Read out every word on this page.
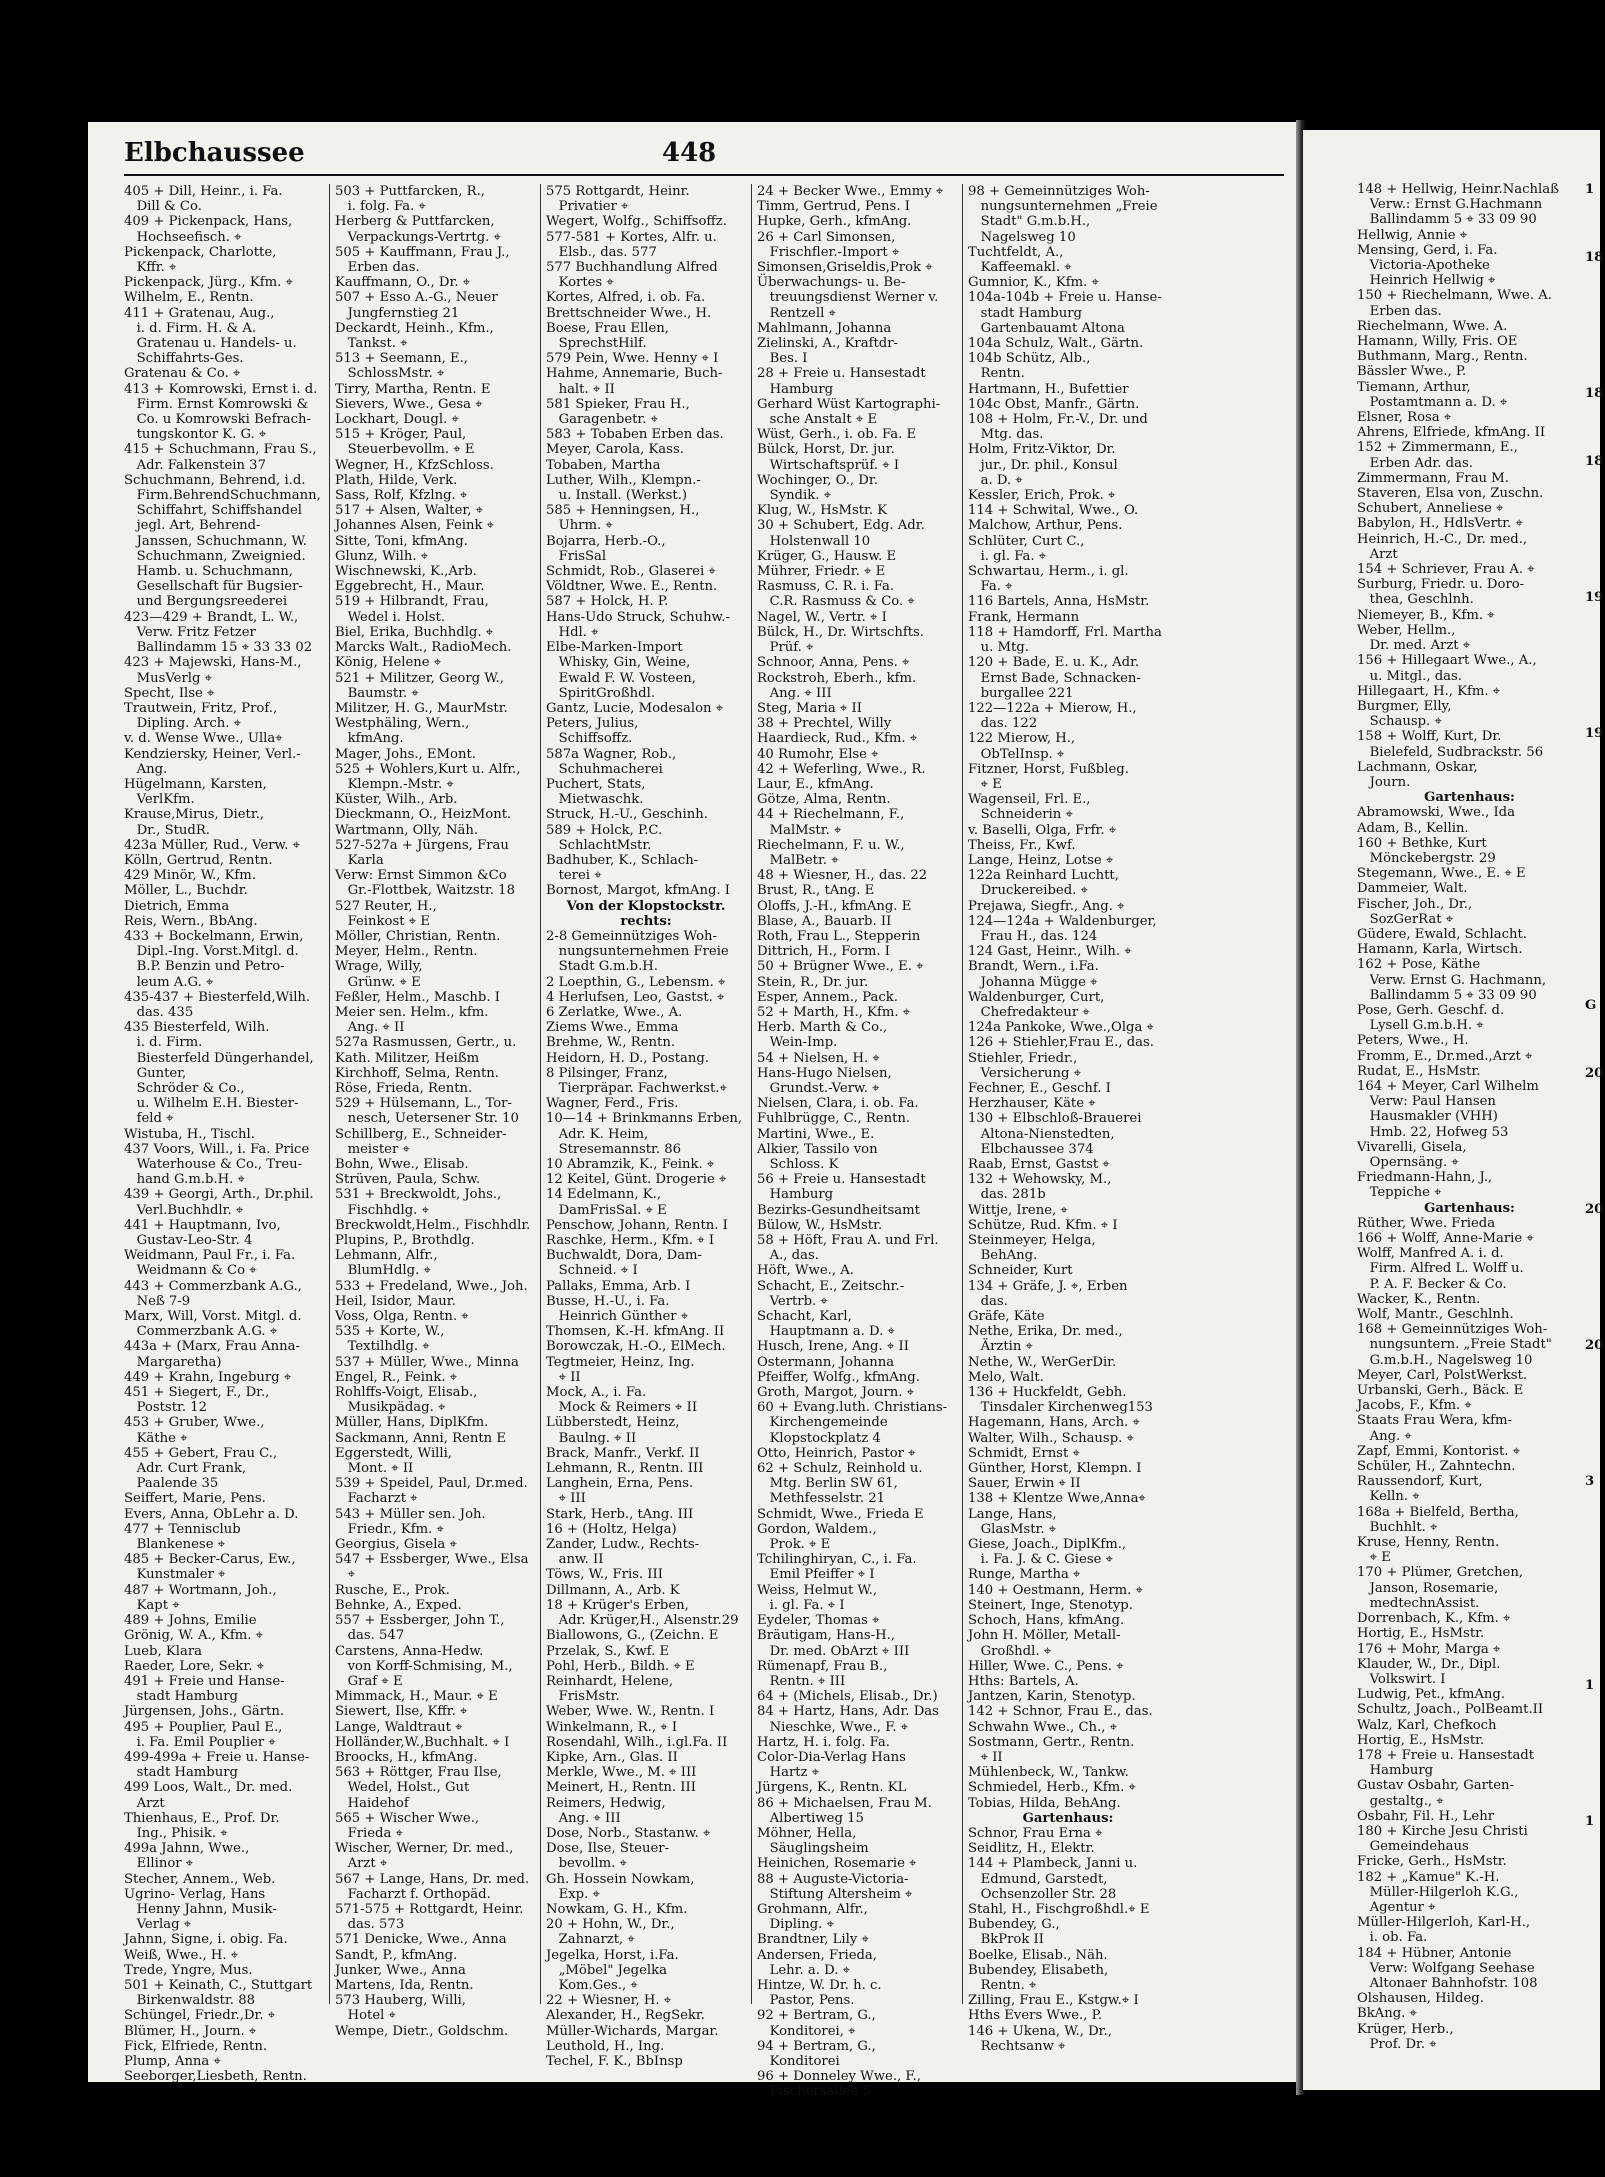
Elbchaussee	448
405 + Dill, Heinr., i. Fa.
Dill & Co.
409 + Pickenpack, Hans,
Hochseefisch. ⌖
Pickenpack, Charlotte,
Kffr. ⌖
Pickenpack, Jürg., Kfm. ⌖
Wilhelm, E., Rentn.
411 + Gratenau, Aug.,
i. d. Firm. H. & A.
Gratenau u. Handels- u.
Schiffahrts-Ges.
Gratenau & Co. ⌖
413 + Komrowski, Ernst i. d.
Firm. Ernst Komrowski &
Co. u Komrowski Befrach-
tungskontor K. G. ⌖
415 + Schuchmann, Frau S.,
Adr. Falkenstein 37
Schuchmann, Behrend, i.d.
Firm.BehrendSchuchmann,
Schiffahrt, Schiffshandel
jegl. Art, Behrend-
Janssen, Schuchmann, W.
Schuchmann, Zweignied.
Hamb. u. Schuchmann,
Gesellschaft für Bugsier-
und Bergungsreederei
423—429 + Brandt, L. W.,
Verw. Fritz Fetzer
Ballindamm 15 ⌖ 33 33 02
423 + Majewski, Hans-M.,
MusVerlg ⌖
Specht, Ilse ⌖
Trautwein, Fritz, Prof.,
Dipling. Arch. ⌖
v. d. Wense Wwe., Ulla⌖
Kendziersky, Heiner, Verl.-
Ang.
Hügelmann, Karsten,
VerlKfm.
Krause,Mirus, Dietr.,
Dr., StudR.
423a Müller, Rud., Verw. ⌖
Kölln, Gertrud, Rentn.
429 Minör, W., Kfm.
Möller, L., Buchdr.
Dietrich, Emma
Reis, Wern., BbAng.
433 + Bockelmann, Erwin,
Dipl.-Ing. Vorst.Mitgl. d.
B.P. Benzin und Petro-
leum A.G. ⌖
435-437 + Biesterfeld,Wilh.
das. 435
435 Biesterfeld, Wilh.
i. d. Firm.
Biesterfeld Düngerhandel,
Gunter,
Schröder & Co.,
u. Wilhelm E.H. Biester-
feld ⌖
Wistuba, H., Tischl.
437 Voors, Will., i. Fa. Price
Waterhouse & Co., Treu-
hand G.m.b.H. ⌖
439 + Georgi, Arth., Dr.phil.
Verl.Buchhdlr. ⌖
441 + Hauptmann, Ivo,
Gustav-Leo-Str. 4
Weidmann, Paul Fr., i. Fa.
Weidmann & Co ⌖
443 + Commerzbank A.G.,
Neß 7-9
Marx, Will, Vorst. Mitgl. d.
Commerzbank A.G. ⌖
443a + (Marx, Frau Anna-
Margaretha)
449 + Krahn, Ingeburg ⌖
451 + Siegert, F., Dr.,
Poststr. 12
453 + Gruber, Wwe.,
Käthe ⌖
455 + Gebert, Frau C.,
Adr. Curt Frank,
Paalende 35
Seiffert, Marie, Pens.
Evers, Anna, ObLehr a. D.
477 + Tennisclub
Blankenese ⌖
485 + Becker-Carus, Ew.,
Kunstmaler ⌖
487 + Wortmann, Joh.,
Kapt ⌖
489 + Johns, Emilie
Grönig, W. A., Kfm. ⌖
Lueb, Klara
Raeder, Lore, Sekr. ⌖
491 + Freie und Hanse-
stadt Hamburg
Jürgensen, Johs., Gärtn.
495 + Pouplier, Paul E.,
i. Fa. Emil Pouplier ⌖
499-499a + Freie u. Hanse-
stadt Hamburg
499 Loos, Walt., Dr. med.
Arzt
Thienhaus, E., Prof. Dr.
Ing., Phisik. ⌖
499a Jahnn, Wwe.,
Ellinor ⌖
Stecher, Annem., Web.
Ugrino- Verlag, Hans
Henny Jahnn, Musik-
Verlag ⌖
Jahnn, Signe, i. obig. Fa.
Weiß, Wwe., H. ⌖
Trede, Yngre, Mus.
501 + Keinath, C., Stuttgart
Birkenwaldstr. 88
Schüngel, Friedr.,Dr. ⌖
Blümer, H., Journ. ⌖
Fick, Elfriede, Rentn.
Plump, Anna ⌖
Seeborger,Liesbeth, Rentn.
503 + Puttfarcken, R.,
i. folg. Fa. ⌖
Herberg & Puttfarcken,
Verpackungs-Vertrtg. ⌖
505 + Kauffmann, Frau J.,
Erben das.
Kauffmann, O., Dr. ⌖
507 + Esso A.-G., Neuer
Jungfernstieg 21
Deckardt, Heinh., Kfm.,
Tankst. ⌖
513 + Seemann, E.,
SchlossMstr. ⌖
Tirry, Martha, Rentn. E
Sievers, Wwe., Gesa ⌖
Lockhart, Dougl. ⌖
515 + Kröger, Paul,
Steuerbevollm. ⌖ E
Wegner, H., KfzSchloss.
Plath, Hilde, Verk.
Sass, Rolf, Kfzlng. ⌖
517 + Alsen, Walter, ⌖
Johannes Alsen, Feink ⌖
Sitte, Toni, kfmAng.
Glunz, Wilh. ⌖
Wischnewski, K.,Arb.
Eggebrecht, H., Maur.
519 + Hilbrandt, Frau,
Wedel i. Holst.
Biel, Erika, Buchhdlg. ⌖
Marcks Walt., RadioMech.
König, Helene ⌖
521 + Militzer, Georg W.,
Baumstr. ⌖
Militzer, H. G., MaurMstr.
Westphäling, Wern.,
kfmAng.
Mager, Johs., EMont.
525 + Wohlers,Kurt u. Alfr.,
Klempn.-Mstr. ⌖
Küster, Wilh., Arb.
Dieckmann, O., HeizMont.
Wartmann, Olly, Näh.
527-527a + Jürgens, Frau
Karla
Verw: Ernst Simmon &Co
Gr.-Flottbek, Waitzstr. 18
527 Reuter, H.,
Feinkost ⌖ E
Möller, Christian, Rentn.
Meyer, Helm., Rentn.
Wrage, Willy,
Grünw. ⌖ E
Feßler, Helm., Maschb. I
Meier sen. Helm., kfm.
Ang. ⌖ II
527a Rasmussen, Gertr., u.
Kath. Militzer, Heißm
Kirchhoff, Selma, Rentn.
Röse, Frieda, Rentn.
529 + Hülsemann, L., Tor-
nesch, Uetersener Str. 10
Schillberg, E., Schneider-
meister ⌖
Bohn, Wwe., Elisab.
Strüven, Paula, Schw.
531 + Breckwoldt, Johs.,
Fischhdlg. ⌖
Breckwoldt,Helm., Fischhdlr.
Plupins, P., Brothdlg.
Lehmann, Alfr.,
BlumHdlg. ⌖
533 + Fredeland, Wwe., Joh.
Heil, Isidor, Maur.
Voss, Olga, Rentn. ⌖
535 + Korte, W.,
Textilhdlg. ⌖
537 + Müller, Wwe., Minna
Engel, R., Feink. ⌖
Rohlffs-Voigt, Elisab.,
Musikpädag. ⌖
Müller, Hans, DiplKfm.
Sackmann, Anni, Rentn E
Eggerstedt, Willi,
Mont. ⌖ II
539 + Speidel, Paul, Dr.med.
Facharzt ⌖
543 + Müller sen. Joh.
Friedr., Kfm. ⌖
Georgius, Gisela ⌖
547 + Essberger, Wwe., Elsa
⌖
Rusche, E., Prok.
Behnke, A., Exped.
557 + Essberger, John T.,
das. 547
Carstens, Anna-Hedw.
von Korff-Schmising, M.,
Graf ⌖ E
Mimmack, H., Maur. ⌖ E
Siewert, Ilse, Kffr. ⌖
Lange, Waldtraut ⌖
Holländer,W.,Buchhalt. ⌖ I
Broocks, H., kfmAng.
563 + Röttger, Frau Ilse,
Wedel, Holst., Gut
Haidehof
565 + Wischer Wwe.,
Frieda ⌖
Wischer, Werner, Dr. med.,
Arzt ⌖
567 + Lange, Hans, Dr. med.
Facharzt f. Orthopäd.
571-575 + Rottgardt, Heinr.
das. 573
571 Denicke, Wwe., Anna
Sandt, P., kfmAng.
Junker, Wwe., Anna
Martens, Ida, Rentn.
573 Hauberg, Willi,
Hotel ⌖
Wempe, Dietr., Goldschm.
575 Rottgardt, Heinr.
Privatier ⌖
Wegert, Wolfg., Schiffsoffz.
577-581 + Kortes, Alfr. u.
Elsb., das. 577
577 Buchhandlung Alfred
Kortes ⌖
Kortes, Alfred, i. ob. Fa.
Brettschneider Wwe., H.
Boese, Frau Ellen,
SprechstHilf.
579 Pein, Wwe. Henny ⌖ I
Hahme, Annemarie, Buch-
halt. ⌖ II
581 Spieker, Frau H.,
Garagenbetr. ⌖
583 + Tobaben Erben das.
Meyer, Carola, Kass.
Tobaben, Martha
Luther, Wilh., Klempn.-
u. Install. (Werkst.)
585 + Henningsen, H.,
Uhrm. ⌖
Bojarra, Herb.-O.,
FrisSal
Schmidt, Rob., Glaserei ⌖
Völdtner, Wwe. E., Rentn.
587 + Holck, H. P.
Hans-Udo Struck, Schuhw.-
Hdl. ⌖
Elbe-Marken-Import
Whisky, Gin, Weine,
Ewald F. W. Vosteen,
SpiritGroßhdl.
Gantz, Lucie, Modesalon ⌖
Peters, Julius,
Schiffsoffz.
587a Wagner, Rob.,
Schuhmacherei
Puchert, Stats,
Mietwaschk.
Struck, H.-U., Geschinh.
589 + Holck, P.C.
SchlachtMstr.
Badhuber, K., Schlach-
terei ⌖
Bornost, Margot, kfmAng. I
Von der Klopstockstr. rechts:
2-8 Gemeinnütziges Woh-
nungsunternehmen Freie
Stadt G.m.b.H.
2 Loepthin, G., Lebensm. ⌖
4 Herlufsen, Leo, Gastst. ⌖
6 Zerlatke, Wwe., A.
Ziems Wwe., Emma
Brehme, W., Rentn.
Heidorn, H. D., Postang.
8 Pilsinger, Franz,
Tierpräpar. Fachwerkst.⌖
Wagner, Ferd., Fris.
10—14 + Brinkmanns Erben,
Adr. K. Heim,
Stresemannstr. 86
10 Abramzik, K., Feink. ⌖
12 Keitel, Günt. Drogerie ⌖
14 Edelmann, K.,
DamFrisSal. ⌖ E
Penschow, Johann, Rentn. I
Raschke, Herm., Kfm. ⌖ I
Buchwaldt, Dora, Dam-
Schneid. ⌖ I
Pallaks, Emma, Arb. I
Busse, H.-U., i. Fa.
Heinrich Günther ⌖
Thomsen, K.-H. kfmAng. II
Borowczak, H.-O., ElMech.
Tegtmeier, Heinz, Ing.
⌖ II
Mock, A., i. Fa.
Mock & Reimers ⌖ II
Lübberstedt, Heinz,
Baulng. ⌖ II
Brack, Manfr., Verkf. II
Lehmann, R., Rentn. III
Langhein, Erna, Pens.
⌖ III
Stark, Herb., tAng. III
16 + (Holtz, Helga)
Zander, Ludw., Rechts-
anw. II
Töws, W., Fris. III
Dillmann, A., Arb. K
18 + Krüger's Erben,
Adr. Krüger,H., Alsenstr.29
Biallowons, G., (Zeichn. E
Przelak, S., Kwf. E
Pohl, Herb., Bildh. ⌖ E
Reinhardt, Helene,
FrisMstr.
Weber, Wwe. W., Rentn. I
Winkelmann, R., ⌖ I
Rosendahl, Wilh., i.gl.Fa. II
Kipke, Arn., Glas. II
Merkle, Wwe., M. ⌖ III
Meinert, H., Rentn. III
Reimers, Hedwig,
Ang. ⌖ III
Dose, Norb., Stastanw. ⌖
Dose, Ilse, Steuer-
bevollm. ⌖
Gh. Hossein Nowkam,
Exp. ⌖
Nowkam, G. H., Kfm.
20 + Hohn, W., Dr.,
Zahnarzt, ⌖
Jegelka, Horst, i.Fa.
„Möbel" Jegelka
Kom.Ges., ⌖
22 + Wiesner, H. ⌖
Alexander, H., RegSekr.
Müller-Wichards, Margar.
Leuthold, H., Ing.
Techel, F. K., BbInsp
24 + Becker Wwe., Emmy ⌖
Timm, Gertrud, Pens. I
Hupke, Gerh., kfmAng.
26 + Carl Simonsen,
Frischfler.-Import ⌖
Simonsen,Griseldis,Prok ⌖
Überwachungs- u. Be-
treuungsdienst Werner v.
Rentzell ⌖
Mahlmann, Johanna
Zielinski, A., Kraftdr-
Bes. I
28 + Freie u. Hansestadt
Hamburg
Gerhard Wüst Kartographi-
sche Anstalt ⌖ E
Wüst, Gerh., i. ob. Fa. E
Bülck, Horst, Dr. jur.
Wirtschaftsprüf. ⌖ I
Wochinger, O., Dr.
Syndik. ⌖
Klug, W., HsMstr. K
30 + Schubert, Edg. Adr.
Holstenwall 10
Krüger, G., Hausw. E
Mührer, Friedr. ⌖ E
Rasmuss, C. R. i. Fa.
C.R. Rasmuss & Co. ⌖
Nagel, W., Vertr. ⌖ I
Bülck, H., Dr. Wirtschfts.
Prüf. ⌖
Schnoor, Anna, Pens. ⌖
Rockstroh, Eberh., kfm.
Ang. ⌖ III
Steg, Maria ⌖ II
38 + Prechtel, Willy
Haardieck, Rud., Kfm. ⌖
40 Rumohr, Else ⌖
42 + Weferling, Wwe., R.
Laur, E., kfmAng.
Götze, Alma, Rentn.
44 + Riechelmann, F.,
MalMstr. ⌖
Riechelmann, F. u. W.,
MalBetr. ⌖
48 + Wiesner, H., das. 22
Brust, R., tAng. E
Oloffs, J.-H., kfmAng. E
Blase, A., Bauarb. II
Roth, Frau L., Stepperin
Dittrich, H., Form. I
50 + Brügner Wwe., E. ⌖
Stein, R., Dr. jur.
Esper, Annem., Pack.
52 + Marth, H., Kfm. ⌖
Herb. Marth & Co.,
Wein-Imp.
54 + Nielsen, H. ⌖
Hans-Hugo Nielsen,
Grundst.-Verw. ⌖
Nielsen, Clara, i. ob. Fa.
Fuhlbrügge, C., Rentn.
Martini, Wwe., E.
Alkier, Tassilo von
Schloss. K
56 + Freie u. Hansestadt
Hamburg
Bezirks-Gesundheitsamt
Bülow, W., HsMstr.
58 + Höft, Frau A. und Frl.
A., das.
Höft, Wwe., A.
Schacht, E., Zeitschr.-
Vertrb. ⌖
Schacht, Karl,
Hauptmann a. D. ⌖
Husch, Irene, Ang. ⌖ II
Ostermann, Johanna
Pfeiffer, Wolfg., kfmAng.
Groth, Margot, Journ. ⌖
60 + Evang.luth. Christians-
Kirchengemeinde
Klopstockplatz 4
Otto, Heinrich, Pastor ⌖
62 + Schulz, Reinhold u.
Mtg. Berlin SW 61,
Methfesselstr. 21
Schmidt, Wwe., Frieda E
Gordon, Waldem.,
Prok. ⌖ E
Tchilinghiryan, C., i. Fa.
Emil Pfeiffer ⌖ I
Weiss, Helmut W.,
i. gl. Fa. ⌖ I
Eydeler, Thomas ⌖
Bräutigam, Hans-H.,
Dr. med. ObArzt ⌖ III
Rümenapf, Frau B.,
Rentn. ⌖ III
64 + (Michels, Elisab., Dr.)
84 + Hartz, Hans, Adr. Das
Nieschke, Wwe., F. ⌖
Hartz, H. i. folg. Fa.
Color-Dia-Verlag Hans
Hartz ⌖
Jürgens, K., Rentn. KL
86 + Michaelsen, Frau M.
Albertiweg 15
Möhner, Hella,
Säuglingsheim
Heinichen, Rosemarie ⌖
88 + Auguste-Victoria-
Stiftung Altersheim ⌖
Grohmann, Alfr.,
Dipling. ⌖
Brandtner, Lily ⌖
Andersen, Frieda,
Lehr. a. D. ⌖
Hintze, W. Dr. h. c.
Pastor, Pens.
92 + Bertram, G.,
Konditorei, ⌖
94 + Bertram, G.,
Konditorei
96 + Donneley Wwe., F.,
Fischersallee 5
98 + Gemeinnütziges Woh-
nungsunternehmen „Freie
Stadt" G.m.b.H.,
Nagelsweg 10
Tuchtfeldt, A.,
Kaffeemakl. ⌖
Gumnior, K., Kfm. ⌖
104a-104b + Freie u. Hanse-
stadt Hamburg
Gartenbauamt Altona
104a Schulz, Walt., Gärtn.
104b Schütz, Alb.,
Rentn.
Hartmann, H., Bufettier
104c Obst, Manfr., Gärtn.
108 + Holm, Fr.-V., Dr. und
Mtg. das.
Holm, Fritz-Viktor, Dr.
jur., Dr. phil., Konsul
a. D. ⌖
Kessler, Erich, Prok. ⌖
114 + Schwital, Wwe., O.
Malchow, Arthur, Pens.
Schlüter, Curt C.,
i. gl. Fa. ⌖
Schwartau, Herm., i. gl.
Fa. ⌖
116 Bartels, Anna, HsMstr.
Frank, Hermann
118 + Hamdorff, Frl. Martha
u. Mtg.
120 + Bade, E. u. K., Adr.
Ernst Bade, Schnacken-
burgallee 221
122—122a + Mierow, H.,
das. 122
122 Mierow, H.,
ObTelInsp. ⌖
Fitzner, Horst, Fußbleg.
⌖ E
Wagenseil, Frl. E.,
Schneiderin ⌖
v. Baselli, Olga, Frfr. ⌖
Theiss, Fr., Kwf.
Lange, Heinz, Lotse ⌖
122a Reinhard Luchtt,
Druckereibed. ⌖
Prejawa, Siegfr., Ang. ⌖
124—124a + Waldenburger,
Frau H., das. 124
124 Gast, Heinr., Wilh. ⌖
Brandt, Wern., i.Fa.
Johanna Mügge ⌖
Waldenburger, Curt,
Chefredakteur ⌖
124a Pankoke, Wwe.,Olga ⌖
126 + Stiehler,Frau E., das.
Stiehler, Friedr.,
Versicherung ⌖
Fechner, E., Geschf. I
Herzhauser, Käte ⌖
130 + Elbschloß-Brauerei
Altona-Nienstedten,
Elbchaussee 374
Raab, Ernst, Gastst ⌖
132 + Wehowsky, M.,
das. 281b
Wittje, Irene, ⌖
Schütze, Rud. Kfm. ⌖ I
Steinmeyer, Helga,
BehAng.
Schneider, Kurt
134 + Gräfe, J. ⌖, Erben
das.
Gräfe, Käte
Nethe, Erika, Dr. med.,
Ärztin ⌖
Nethe, W., WerGerDir.
Melo, Walt.
136 + Huckfeldt, Gebh.
Tinsdaler Kirchenweg153
Hagemann, Hans, Arch. ⌖
Walter, Wilh., Schausp. ⌖
Schmidt, Ernst ⌖
Günther, Horst, Klempn. I
Sauer, Erwin ⌖ II
138 + Klentze Wwe,Anna⌖
Lange, Hans,
GlasMstr. ⌖
Giese, Joach., DiplKfm.,
i. Fa. J. & C. Giese ⌖
Runge, Martha ⌖
140 + Oestmann, Herm. ⌖
Steinert, Inge, Stenotyp.
Schoch, Hans, kfmAng.
John H. Möller, Metall-
Großhdl. ⌖
Hiller, Wwe. C., Pens. ⌖
Hths: Bartels, A.
Jantzen, Karin, Stenotyp.
142 + Schnor, Frau E., das.
Schwahn Wwe., Ch., ⌖
Sostmann, Gertr., Rentn.
⌖ II
Mühlenbeck, W., Tankw.
Schmiedel, Herb., Kfm. ⌖
Tobias, Hilda, BehAng.
Gartenhaus:
Schnor, Frau Erna ⌖
Seidlitz, H., Elektr.
144 + Plambeck, Janni u.
Edmund, Garstedt,
Ochsenzoller Str. 28
Stahl, H., Fischgroßhdl.⌖ E
Bubendey, G.,
BkProk II
Boelke, Elisab., Näh.
Bubendey, Elisabeth,
Rentn. ⌖
Zilling, Frau E., Kstgw.⌖ I
Hths Evers Wwe., P.
146 + Ukena, W., Dr.,
Rechtsanw ⌖
148 + Hellwig, Heinr.Nachlaß
Verw.: Ernst G.Hachmann
Ballindamm 5 ⌖ 33 09 90
Hellwig, Annie ⌖
Mensing, Gerd, i. Fa.
Victoria-Apotheke
Heinrich Hellwig ⌖
150 + Riechelmann, Wwe. A.
Erben das.
Riechelmann, Wwe. A.
Hamann, Willy, Fris. OE
Buthmann, Marg., Rentn.
Bässler Wwe., P.
Tiemann, Arthur,
Postamtmann a. D. ⌖
Elsner, Rosa ⌖
Ahrens, Elfriede, kfmAng. II
152 + Zimmermann, E.,
Erben Adr. das.
Zimmermann, Frau M.
Staveren, Elsa von, Zuschn.
Schubert, Anneliese ⌖
Babylon, H., HdlsVertr. ⌖
Heinrich, H.-C., Dr. med.,
Arzt
154 + Schriever, Frau A. ⌖
Surburg, Friedr. u. Doro-
thea, Geschlnh.
Niemeyer, B., Kfm. ⌖
Weber, Hellm.,
Dr. med. Arzt ⌖
156 + Hillegaart Wwe., A.,
u. Mitgl., das.
Hillegaart, H., Kfm. ⌖
Burgmer, Elly,
Schausp. ⌖
158 + Wolff, Kurt, Dr.
Bielefeld, Sudbrackstr. 56
Lachmann, Oskar,
Journ.
Gartenhaus:
Abramowski, Wwe., Ida
Adam, B., Kellin.
160 + Bethke, Kurt
Mönckebergstr. 29
Stegemann, Wwe., E. ⌖ E
Dammeier, Walt.
Fischer, Joh., Dr.,
SozGerRat ⌖
Güdere, Ewald, Schlacht.
Hamann, Karla, Wirtsch.
162 + Pose, Käthe
Verw. Ernst G. Hachmann,
Ballindamm 5 ⌖ 33 09 90
Pose, Gerh. Geschf. d.
Lysell G.m.b.H. ⌖
Peters, Wwe., H.
Fromm, E., Dr.med.,Arzt ⌖
Rudat, E., HsMstr.
164 + Meyer, Carl Wilhelm
Verw: Paul Hansen
Hausmakler (VHH)
Hmb. 22, Hofweg 53
Vivarelli, Gisela,
Opernsäng. ⌖
Friedmann-Hahn, J.,
Teppiche ⌖
Gartenhaus:
Rüther, Wwe. Frieda
166 + Wolff, Anne-Marie ⌖
Wolff, Manfred A. i. d.
Firm. Alfred L. Wolff u.
P. A. F. Becker & Co.
Wacker, K., Rentn.
Wolf, Mantr., Geschlnh.
168 + Gemeinnütziges Woh-
nungsuntern. „Freie Stadt"
G.m.b.H., Nagelsweg 10
Meyer, Carl, PolstWerkst.
Urbanski, Gerh., Bäck. E
Jacobs, F., Kfm. ⌖
Staats Frau Wera, kfm-
Ang. ⌖
Zapf, Emmi, Kontorist. ⌖
Schüler, H., Zahntechn.
Raussendorf, Kurt,
Kelln. ⌖
168a + Bielfeld, Bertha,
Buchhlt. ⌖
Kruse, Henny, Rentn.
⌖ E
170 + Plümer, Gretchen,
Janson, Rosemarie,
medtechnAssist.
Dorrenbach, K., Kfm. ⌖
Hortig, E., HsMstr.
176 + Mohr, Marga ⌖
Klauder, W., Dr., Dipl.
Volkswirt. I
Ludwig, Pet., kfmAng.
Schultz, Joach., PolBeamt.II
Walz, Karl, Chefkoch
Hortig, E., HsMstr.
178 + Freie u. Hansestadt
Hamburg
Gustav Osbahr, Garten-
gestaltg., ⌖
Osbahr, Fil. H., Lehr
180 + Kirche Jesu Christi
Gemeindehaus
Fricke, Gerh., HsMstr.
182 + „Kamue" K.-H.
Müller-Hilgerloh K.G.,
Agentur ⌖
Müller-Hilgerloh, Karl-H.,
i. ob. Fa.
184 + Hübner, Antonie
Verw: Wolfgang Seehase
Altonaer Bahnhofstr. 108
Olshausen, Hildeg.
BkAng. ⌖
Krüger, Herb.,
Prof. Dr. ⌖
1
18
18
18
19
19
G
20
20
20
3
1
1
